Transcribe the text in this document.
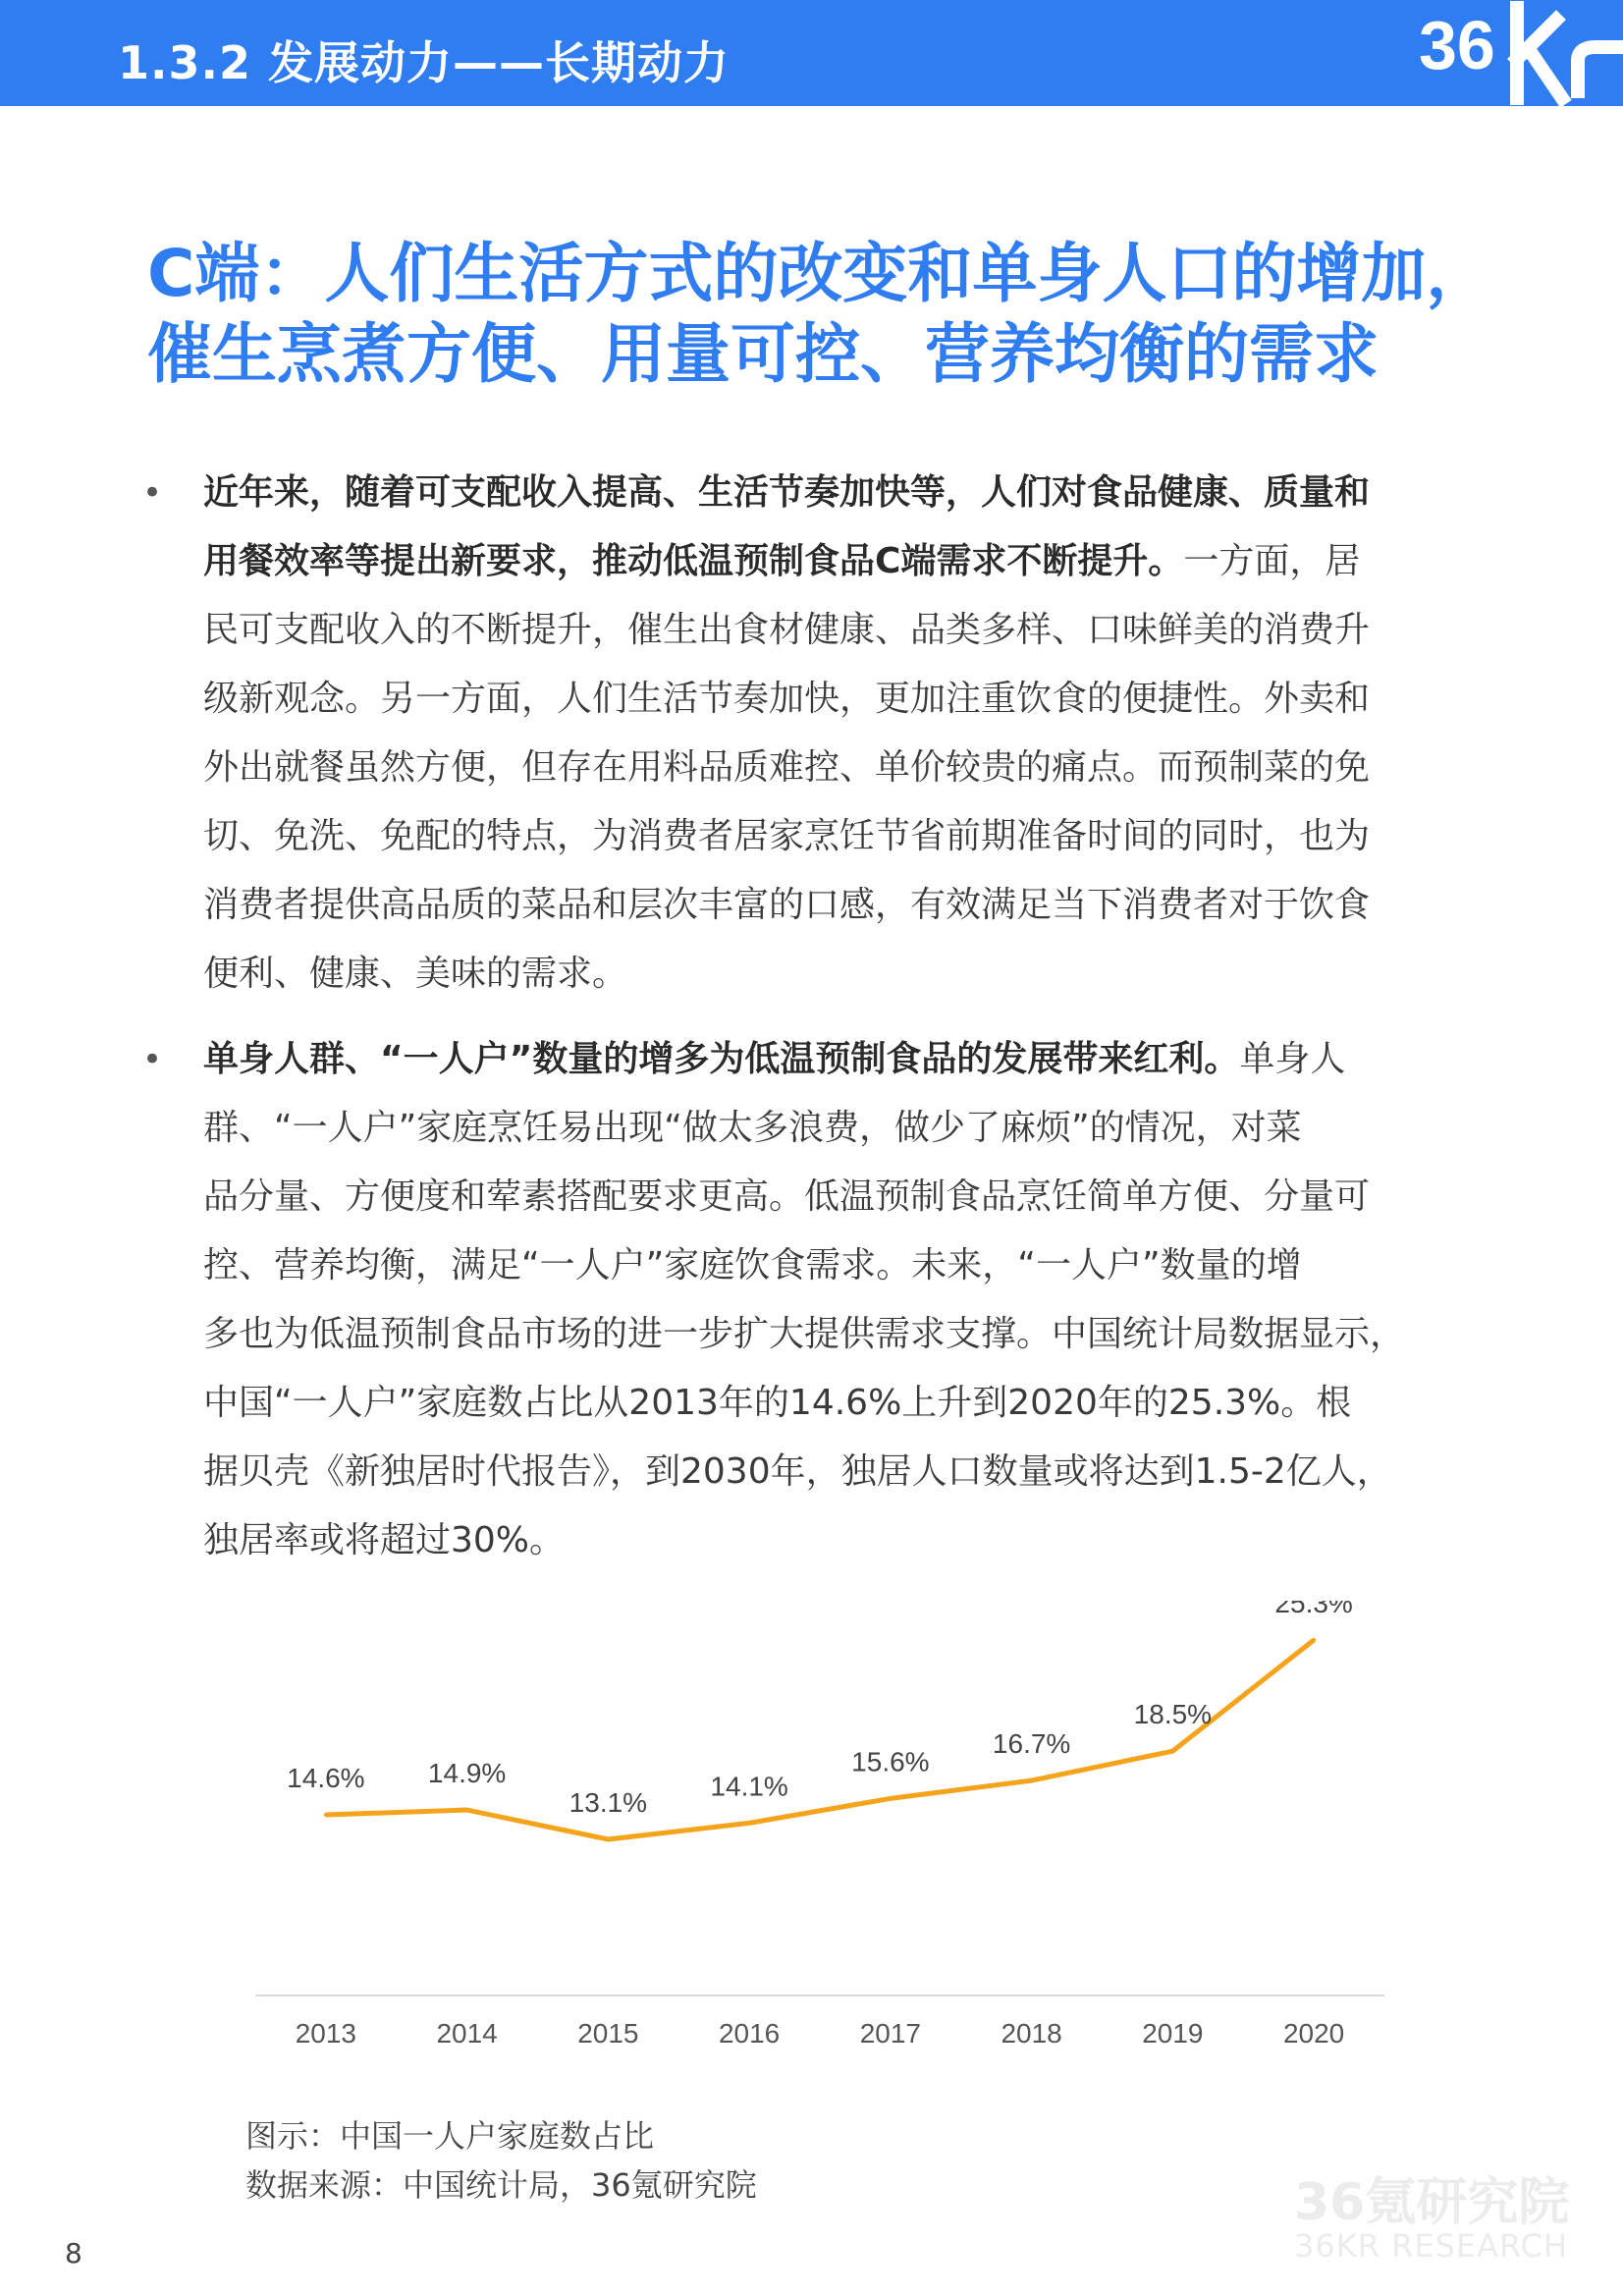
1.3.2 发展动力——长期动力	36
C端：人们生活方式的改变和单身人口的增加，
催生烹煮方便、用量可控、营养均衡的需求
• 近年来，随着可支配收入提高、生活节奏加快等，人们对食品健康、质量和
用餐效率等提出新要求，推动低温预制食品C端需求不断提升。一方面，居
民可支配收入的不断提升，催生出食材健康、品类多样、口味鲜美的消费升
级新观念。另一方面，人们生活节奏加快，更加注重饮食的便捷性。外卖和
外出就餐虽然方便，但存在用料品质难控、单价较贵的痛点。而预制菜的免
切、免洗、免配的特点，为消费者居家烹饪节省前期准备时间的同时，也为
消费者提供高品质的菜品和层次丰富的口感，有效满足当下消费者对于饮食
便利、健康、美味的需求。
• 单身人群、“一人户”数量的增多为低温预制食品的发展带来红利。单身人
群、“一人户”家庭烹饪易出现“做太多浪费，做少了麻烦”的情况，对菜
品分量、方便度和荤素搭配要求更高。低温预制食品烹饪简单方便、分量可
控、营养均衡，满足“一人户”家庭饮食需求。未来，“一人户”数量的增
多也为低温预制食品市场的进一步扩大提供需求支撑。中国统计局数据显示，
中国“一人户”家庭数占比从2013年的14.6%上升到2020年的25.3%。根
据贝壳《新独居时代报告》，到2030年，独居人口数量或将达到1.5-2亿人，
独居率或将超过30%。
14.6%
2013
14.9%
2014
13.1%
2015
14.1%
2016
15.6%
2017
16.7%
2018
18.5%
2019
25.3%
2020
图示：中国一人户家庭数占比
数据来源：中国统计局，36氪研究院	36氪研究院
36KR RESEARCH
8
